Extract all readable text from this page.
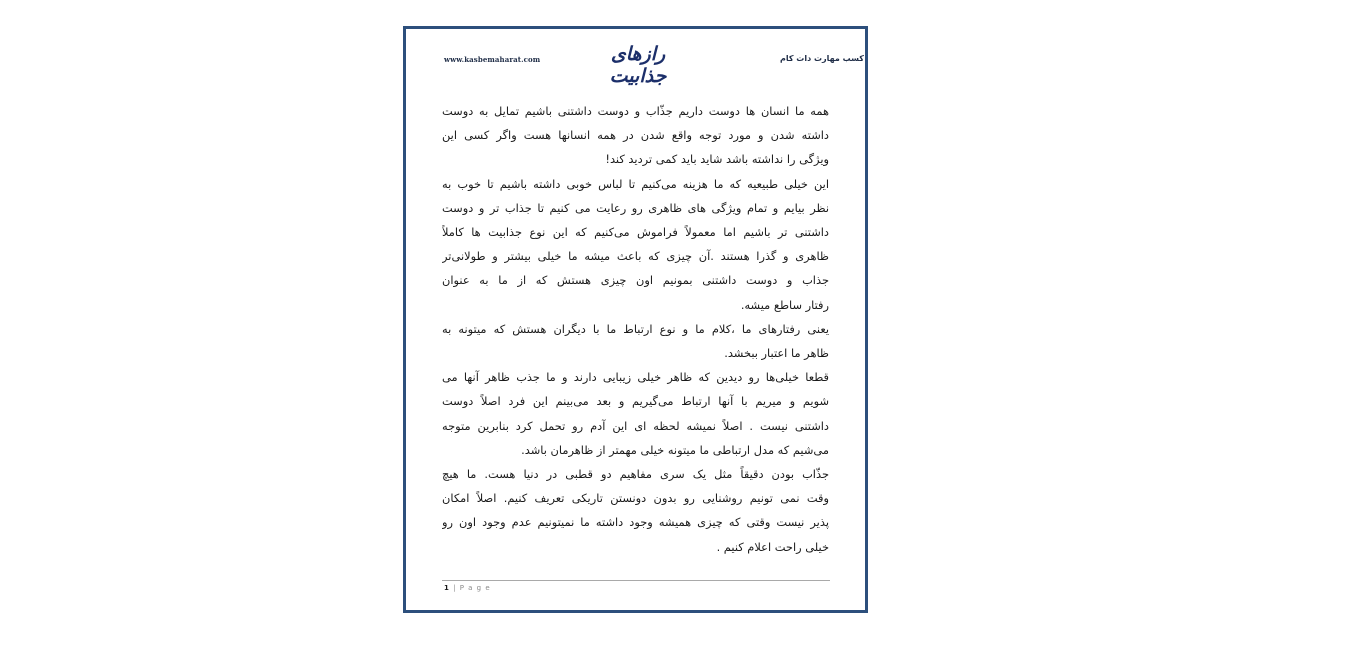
www.kasbemaharat.com	رازهای جذابیت
کسب مهارت دات کام
همه ما انسان ها دوست داریم جذّاب و دوست داشتنی باشیم تمایل به دوست
داشته شدن و مورد توجه واقع شدن در همه انسانها هست واگر کسی این
ویژگی را نداشته باشد شاید باید کمی تردید کند!
این خیلی طبیعیه که ما هزینه می‌کنیم تا لباس خوبی داشته باشیم تا خوب به
نظر بیایم و تمام ویژگی های ظاهری رو رعایت می کنیم تا جذاب تر و دوست
داشتنی تر باشیم اما معمولاً فراموش می‌کنیم که این نوع جذابیت ها کاملاً
ظاهری و گذرا هستند .آن چیزی که باعث میشه ما خیلی بیشتر و طولانی‌تر
جذاب و دوست داشتنی بمونیم اون چیزی هستش که از ما به عنوان
رفتار ساطع میشه.
یعنی رفتارهای ما ،کلام ما و نوع ارتباط ما با دیگران هستش که میتونه به
ظاهر ما اعتبار ببخشد.
قطعا خیلی‌ها رو دیدین که ظاهر خیلی زیبایی دارند و ما جذب ظاهر آنها می
شویم و میریم با آنها ارتباط می‌گیریم و بعد می‌بینم این فرد اصلاً دوست
داشتنی نیست . اصلاً نمیشه لحظه ای این آدم رو تحمل کرد بنابرین متوجه
می‌شیم که مدل ارتباطی ما میتونه خیلی مهمتر از ظاهرمان باشد.
جذّاب بودن دقیقاً مثل یک سری مفاهیم دو قطبی در دنیا هست. ما هیچ
وقت نمی تونیم روشنایی رو بدون دونستن تاریکی تعریف کنیم. اصلاً امکان
پذیر نیست وقتی که چیزی همیشه وجود داشته ما نمیتونیم عدم وجود اون رو
خیلی راحت اعلام کنیم .
1 | P a g e
